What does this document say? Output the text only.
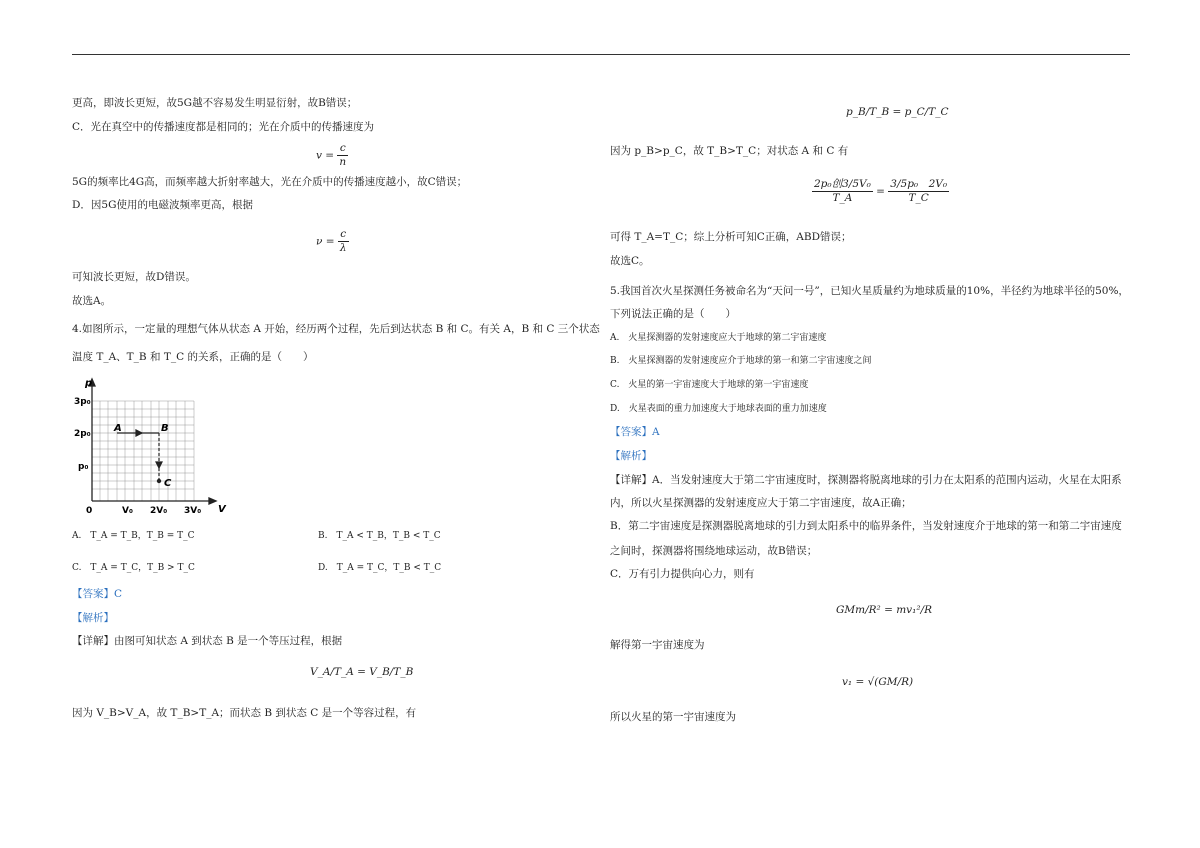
更高，即波长更短，故5G越不容易发生明显衍射，故B错误；
C．光在真空中的传播速度都是相同的；光在介质中的传播速度为
$v = \frac{c}{n}$
5G的频率比4G高，而频率越大折射率越大，光在介质中的传播速度越小，故C错误；
D．因5G使用的电磁波频率更高，根据
$\nu = \frac{c}{\lambda}$
可知波长更短，故D错误。
故选A。
4.如图所示，一定量的理想气体从状态 A 开始，经历两个过程，先后到达状态 B 和 C。有关 A，B 和 C 三个状态
温度 T_A、T_B 和 T_C 的关系，正确的是（　　）
p
V
3p₀
2p₀
p₀
0	V₀ 2V₀ 3V₀
A	B
C
A.　T_A = T_B，T_B = T_C	B.　T_A < T_B，T_B < T_C
C.　T_A = T_C，T_B > T_C	D.　T_A = T_C，T_B < T_C
【答案】C
【解析】
【详解】由图可知状态 A 到状态 B 是一个等压过程，根据
V_A/T_A = V_B/T_B
因为 V_B>V_A，故 T_B>T_A；而状态 B 到状态 C 是一个等容过程，有
p_B/T_B = p_C/T_C
因为 p_B>p_C，故 T_B>T_C；对状态 A 和 C 有
$\frac{\text{2p₀创3/5V₀}}{T\_A} = \frac{\text{3/5p₀　2V₀}}{T\_C}$
可得 T_A=T_C；综上分析可知C正确，ABD错误；
故选C。
5.我国首次火星探测任务被命名为“天问一号”，已知火星质量约为地球质量的10%，半径约为地球半径的50%，
下列说法正确的是（　　）
A.　火星探测器的发射速度应大于地球的第二宇宙速度
B.　火星探测器的发射速度应介于地球的第一和第二宇宙速度之间
C.　火星的第一宇宙速度大于地球的第一宇宙速度
D.　火星表面的重力加速度大于地球表面的重力加速度
【答案】A
【解析】
【详解】A．当发射速度大于第二宇宙速度时，探测器将脱离地球的引力在太阳系的范围内运动，火星在太阳系
内，所以火星探测器的发射速度应大于第二宇宙速度，故A正确；
B．第二宇宙速度是探测器脱离地球的引力到太阳系中的临界条件，当发射速度介于地球的第一和第二宇宙速度
之间时，探测器将围绕地球运动，故B错误；
C．万有引力提供向心力，则有
GMm/R² = mv₁²/R
解得第一宇宙速度为
v₁ = √(GM/R)
所以火星的第一宇宙速度为
